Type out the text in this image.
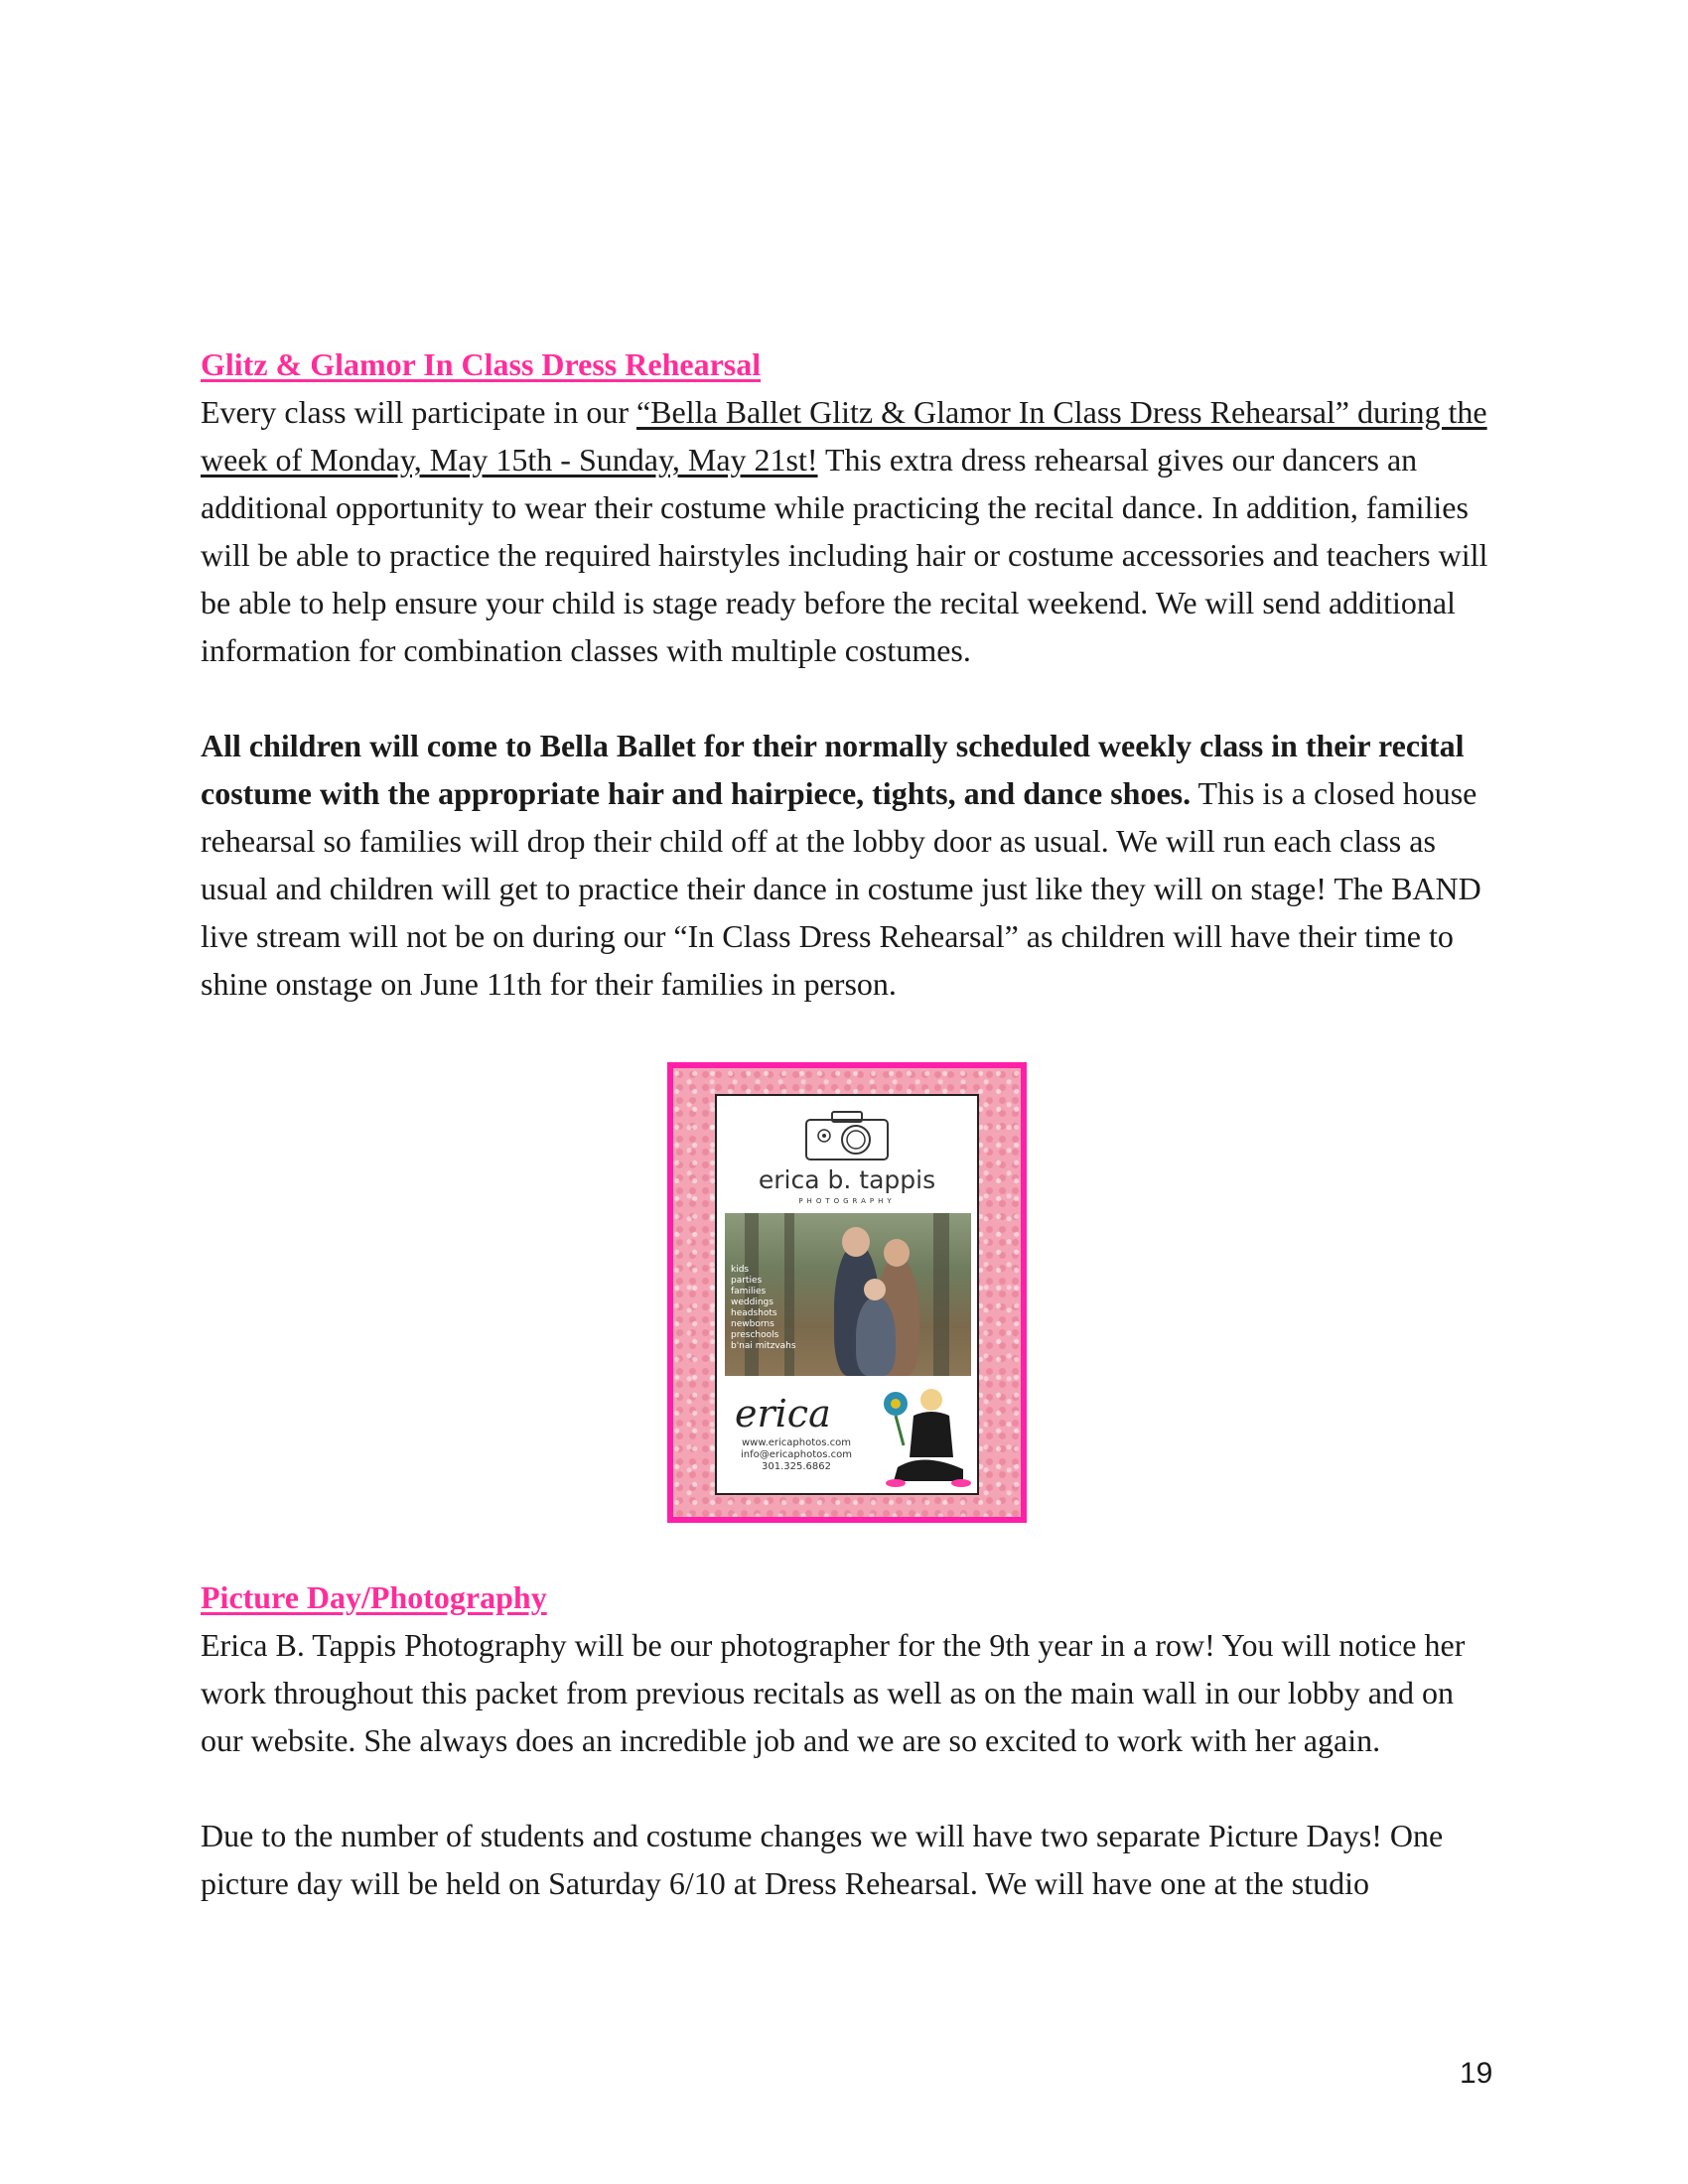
Glitz & Glamor In Class Dress Rehearsal

Every class will participate in our “Bella Ballet Glitz & Glamor In Class Dress Rehearsal” during the week of Monday, May 15th - Sunday, May 21st! This extra dress rehearsal gives our dancers an additional opportunity to wear their costume while practicing the recital dance. In addition, families will be able to practice the required hairstyles including hair or costume accessories and teachers will be able to help ensure your child is stage ready before the recital weekend. We will send additional information for combination classes with multiple costumes.

All children will come to Bella Ballet for their normally scheduled weekly class in their recital costume with the appropriate hair and hairpiece, tights, and dance shoes. This is a closed house rehearsal so families will drop their child off at the lobby door as usual. We will run each class as usual and children will get to practice their dance in costume just like they will on stage! The BAND live stream will not be on during our “In Class Dress Rehearsal” as children will have their time to shine onstage on June 11th for their families in person.

erica b. tappis
PHOTOGRAPHY
kids
parties
families
weddings
headshots
newborns
preschools
b'nai mitzvahs
erica
www.ericaphotos.com
info@ericaphotos.com
301.325.6862
Picture Day/Photography

Erica B. Tappis Photography will be our photographer for the 9th year in a row! You will notice her work throughout this packet from previous recitals as well as on the main wall in our lobby and on our website. She always does an incredible job and we are so excited to work with her again.

Due to the number of students and costume changes we will have two separate Picture Days! One picture day will be held on Saturday 6/10 at Dress Rehearsal. We will have one at the studio

19
